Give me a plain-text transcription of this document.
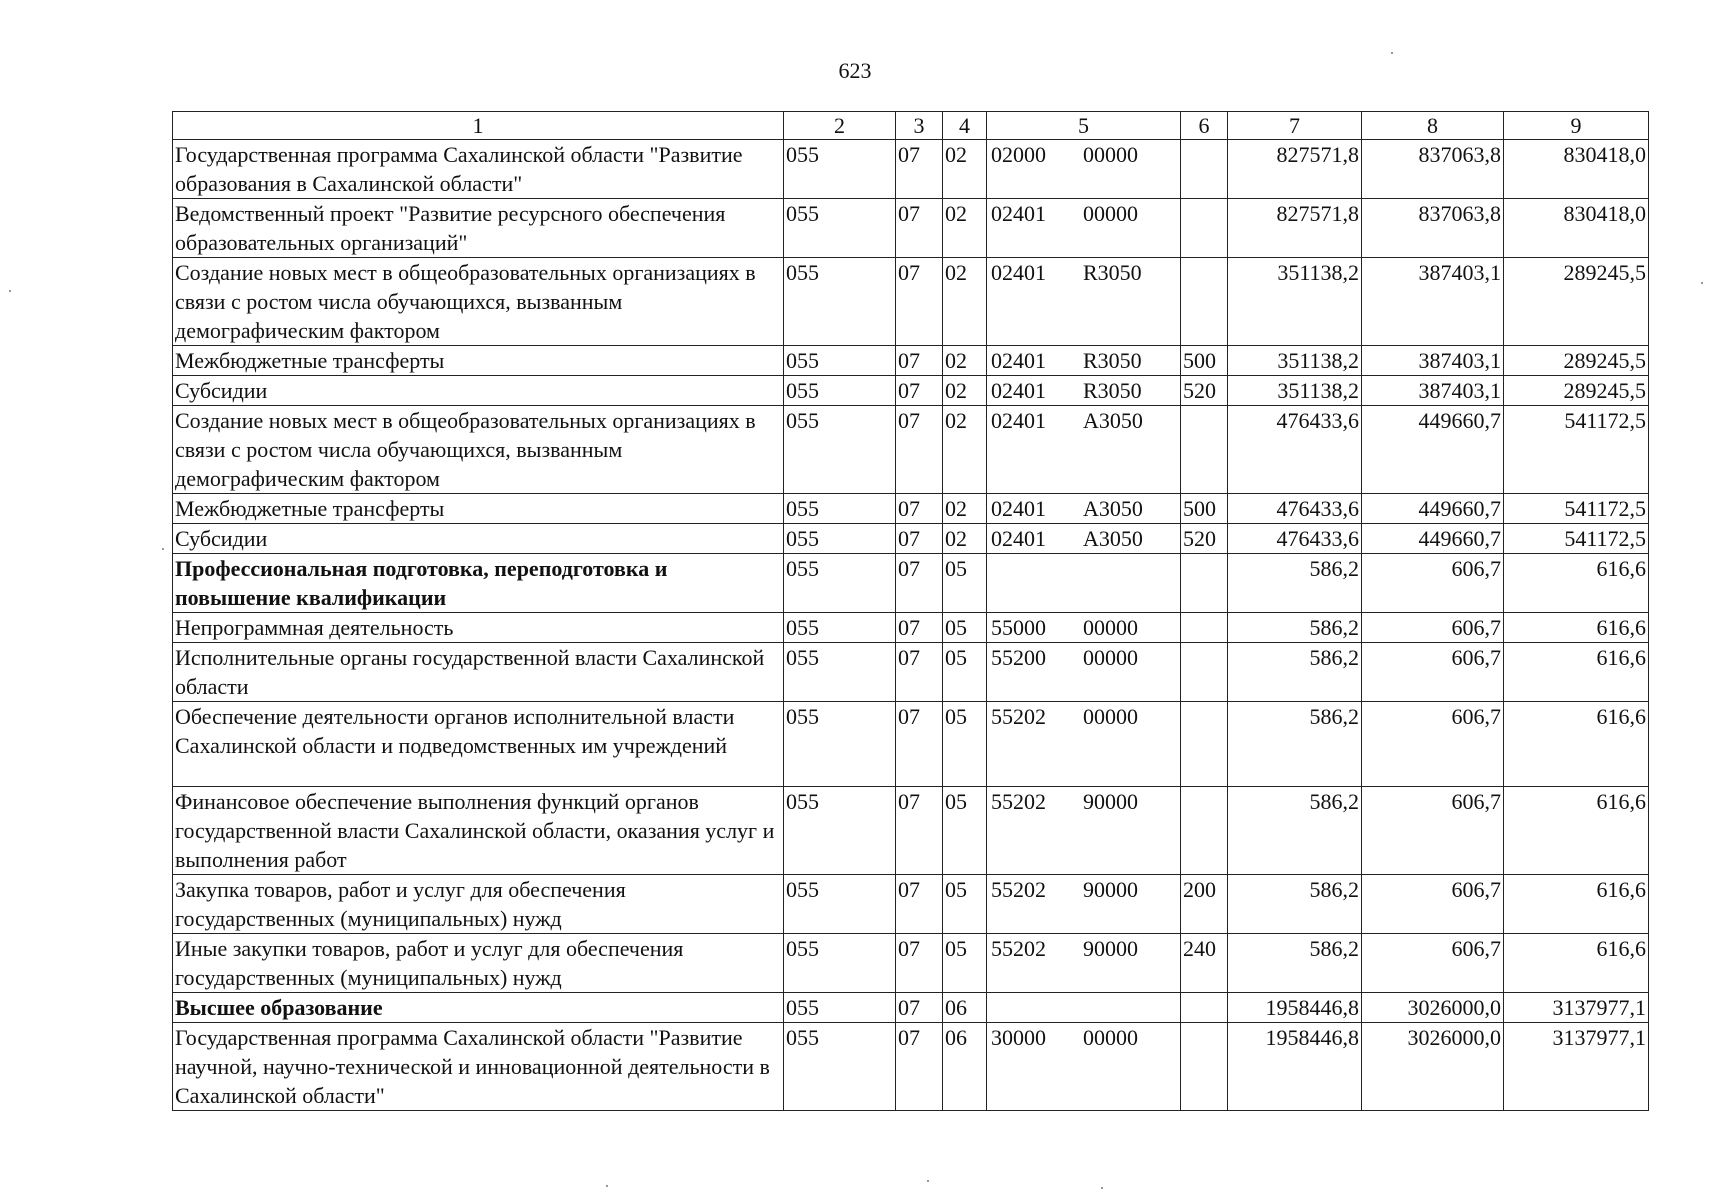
623
1	2	3	4	5	6	7	8	9
Государственная программа Сахалинской области "Развитие образования в Сахалинской области"	055	07	02	02000 00000		827571,8	837063,8	830418,0
Ведомственный проект "Развитие ресурсного обеспечения образовательных организаций"	055	07	02	02401 00000		827571,8	837063,8	830418,0
Создание новых мест в общеобразовательных организациях в связи с ростом числа обучающихся, вызванным демографическим фактором	055	07	02	02401 R3050		351138,2	387403,1	289245,5
Межбюджетные трансферты	055	07	02	02401 R3050	500	351138,2	387403,1	289245,5
Субсидии	055	07	02	02401 R3050	520	351138,2	387403,1	289245,5
Создание новых мест в общеобразовательных организациях в связи с ростом числа обучающихся, вызванным демографическим фактором	055	07	02	02401 А3050		476433,6	449660,7	541172,5
Межбюджетные трансферты	055	07	02	02401 А3050	500	476433,6	449660,7	541172,5
Субсидии	055	07	02	02401 А3050	520	476433,6	449660,7	541172,5
Профессиональная подготовка, переподготовка и повышение квалификации	055	07	05			586,2	606,7	616,6
Непрограммная деятельность	055	07	05	55000 00000		586,2	606,7	616,6
Исполнительные органы государственной власти Сахалинской области	055	07	05	55200 00000		586,2	606,7	616,6
Обеспечение деятельности органов исполнительной власти Сахалинской области и подведомственных им учреждений	055	07	05	55202 00000		586,2	606,7	616,6
Финансовое обеспечение выполнения функций органов государственной власти Сахалинской области, оказания услуг и выполнения работ	055	07	05	55202 90000		586,2	606,7	616,6
Закупка товаров, работ и услуг для обеспечения государственных (муниципальных) нужд	055	07	05	55202 90000	200	586,2	606,7	616,6
Иные закупки товаров, работ и услуг для обеспечения государственных (муниципальных) нужд	055	07	05	55202 90000	240	586,2	606,7	616,6
Высшее образование	055	07	06			1958446,8	3026000,0	3137977,1
Государственная программа Сахалинской области "Развитие научной, научно-технической и инновационной деятельности в Сахалинской области"	055	07	06	30000 00000		1958446,8	3026000,0	3137977,1
